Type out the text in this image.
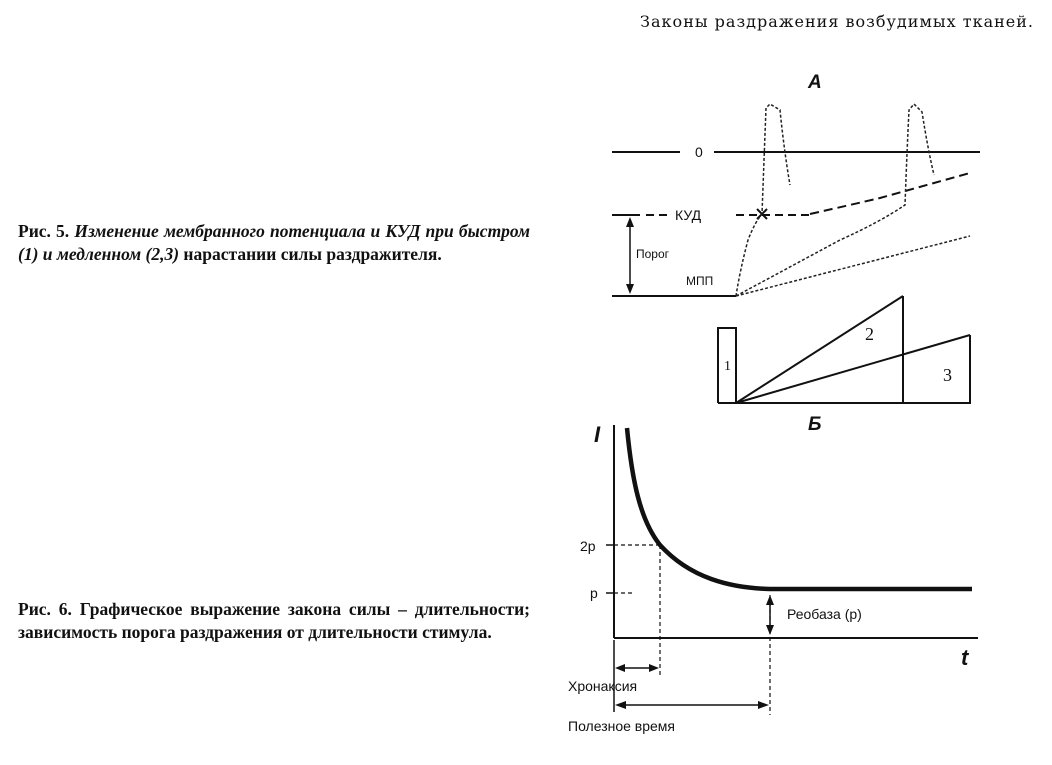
Законы раздражения возбудимых тканей.
Рис. 5. Изменение мембранного потенциала и КУД при быстром (1) и медленном (2,3) нарастании силы раздражителя.
Рис. 6. Графическое выражение закона силы – длительности; зависимость порога раздражения от длительности стимула.
А
0
КУД
МПП
Порог
1
2
3
Б
I
t
2p
p
Реобаза (р)
Хронаксия
Полезное время
